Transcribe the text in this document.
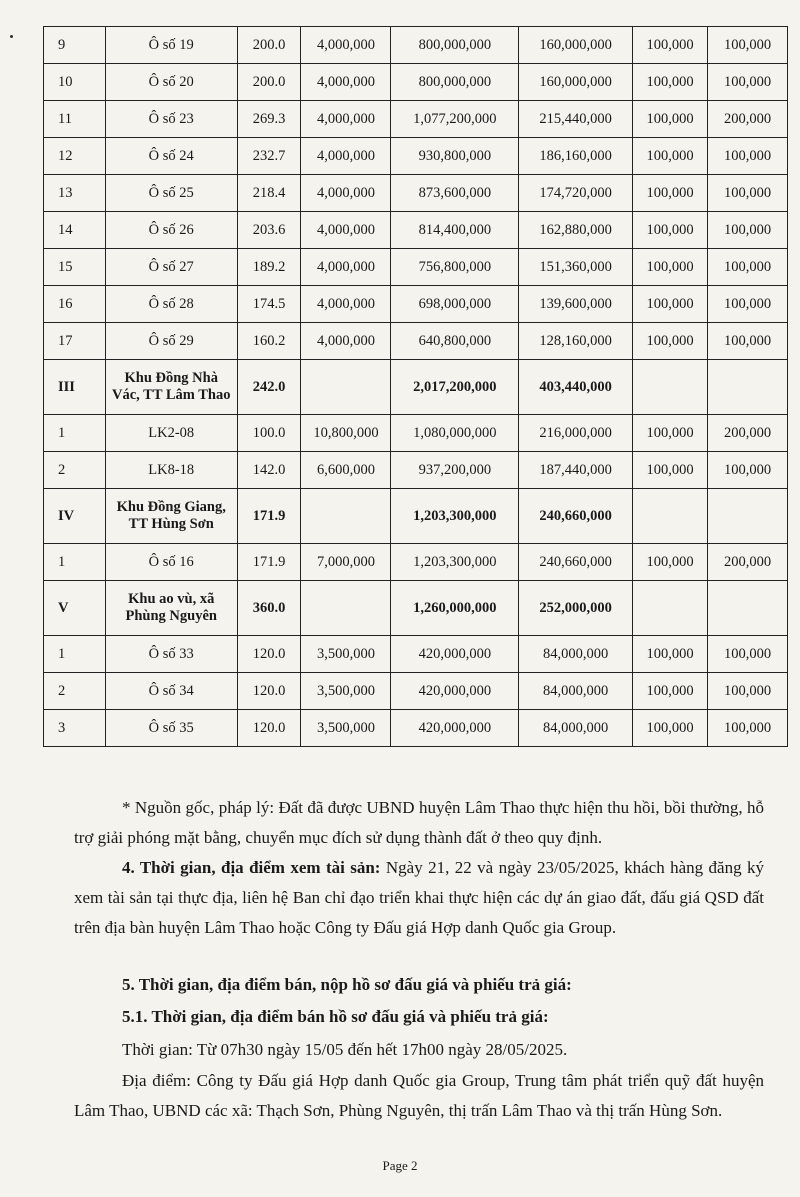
9	Ô số 19	200.0	4,000,000	800,000,000	160,000,000	100,000	100,000
10	Ô số 20	200.0	4,000,000	800,000,000	160,000,000	100,000	100,000
11	Ô số 23	269.3	4,000,000	1,077,200,000	215,440,000	100,000	200,000
12	Ô số 24	232.7	4,000,000	930,800,000	186,160,000	100,000	100,000
13	Ô số 25	218.4	4,000,000	873,600,000	174,720,000	100,000	100,000
14	Ô số 26	203.6	4,000,000	814,400,000	162,880,000	100,000	100,000
15	Ô số 27	189.2	4,000,000	756,800,000	151,360,000	100,000	100,000
16	Ô số 28	174.5	4,000,000	698,000,000	139,600,000	100,000	100,000
17	Ô số 29	160.2	4,000,000	640,800,000	128,160,000	100,000	100,000
III	Khu Đồng Nhà Vác, TT Lâm Thao	242.0		2,017,200,000	403,440,000		
1	LK2-08	100.0	10,800,000	1,080,000,000	216,000,000	100,000	200,000
2	LK8-18	142.0	6,600,000	937,200,000	187,440,000	100,000	100,000
IV	Khu Đồng Giang, TT Hùng Sơn	171.9		1,203,300,000	240,660,000		
1	Ô số 16	171.9	7,000,000	1,203,300,000	240,660,000	100,000	200,000
V	Khu ao vù, xã Phùng Nguyên	360.0		1,260,000,000	252,000,000		
1	Ô số 33	120.0	3,500,000	420,000,000	84,000,000	100,000	100,000
2	Ô số 34	120.0	3,500,000	420,000,000	84,000,000	100,000	100,000
3	Ô số 35	120.0	3,500,000	420,000,000	84,000,000	100,000	100,000

* Nguồn gốc, pháp lý: Đất đã được UBND huyện Lâm Thao thực hiện thu hồi, bồi thường, hỗ trợ giải phóng mặt bằng, chuyển mục đích sử dụng thành đất ở theo quy định.

4. Thời gian, địa điểm xem tài sản: Ngày 21, 22 và ngày 23/05/2025, khách hàng đăng ký xem tài sản tại thực địa, liên hệ Ban chỉ đạo triển khai thực hiện các dự án giao đất, đấu giá QSD đất trên địa bàn huyện Lâm Thao hoặc Công ty Đấu giá Hợp danh Quốc gia Group.

5. Thời gian, địa điểm bán, nộp hồ sơ đấu giá và phiếu trả giá:

5.1. Thời gian, địa điểm bán hồ sơ đấu giá và phiếu trả giá:

Thời gian: Từ 07h30 ngày 15/05 đến hết 17h00 ngày 28/05/2025.

Địa điểm: Công ty Đấu giá Hợp danh Quốc gia Group, Trung tâm phát triển quỹ đất huyện Lâm Thao, UBND các xã: Thạch Sơn, Phùng Nguyên, thị trấn Lâm Thao và thị trấn Hùng Sơn.

Page 2
